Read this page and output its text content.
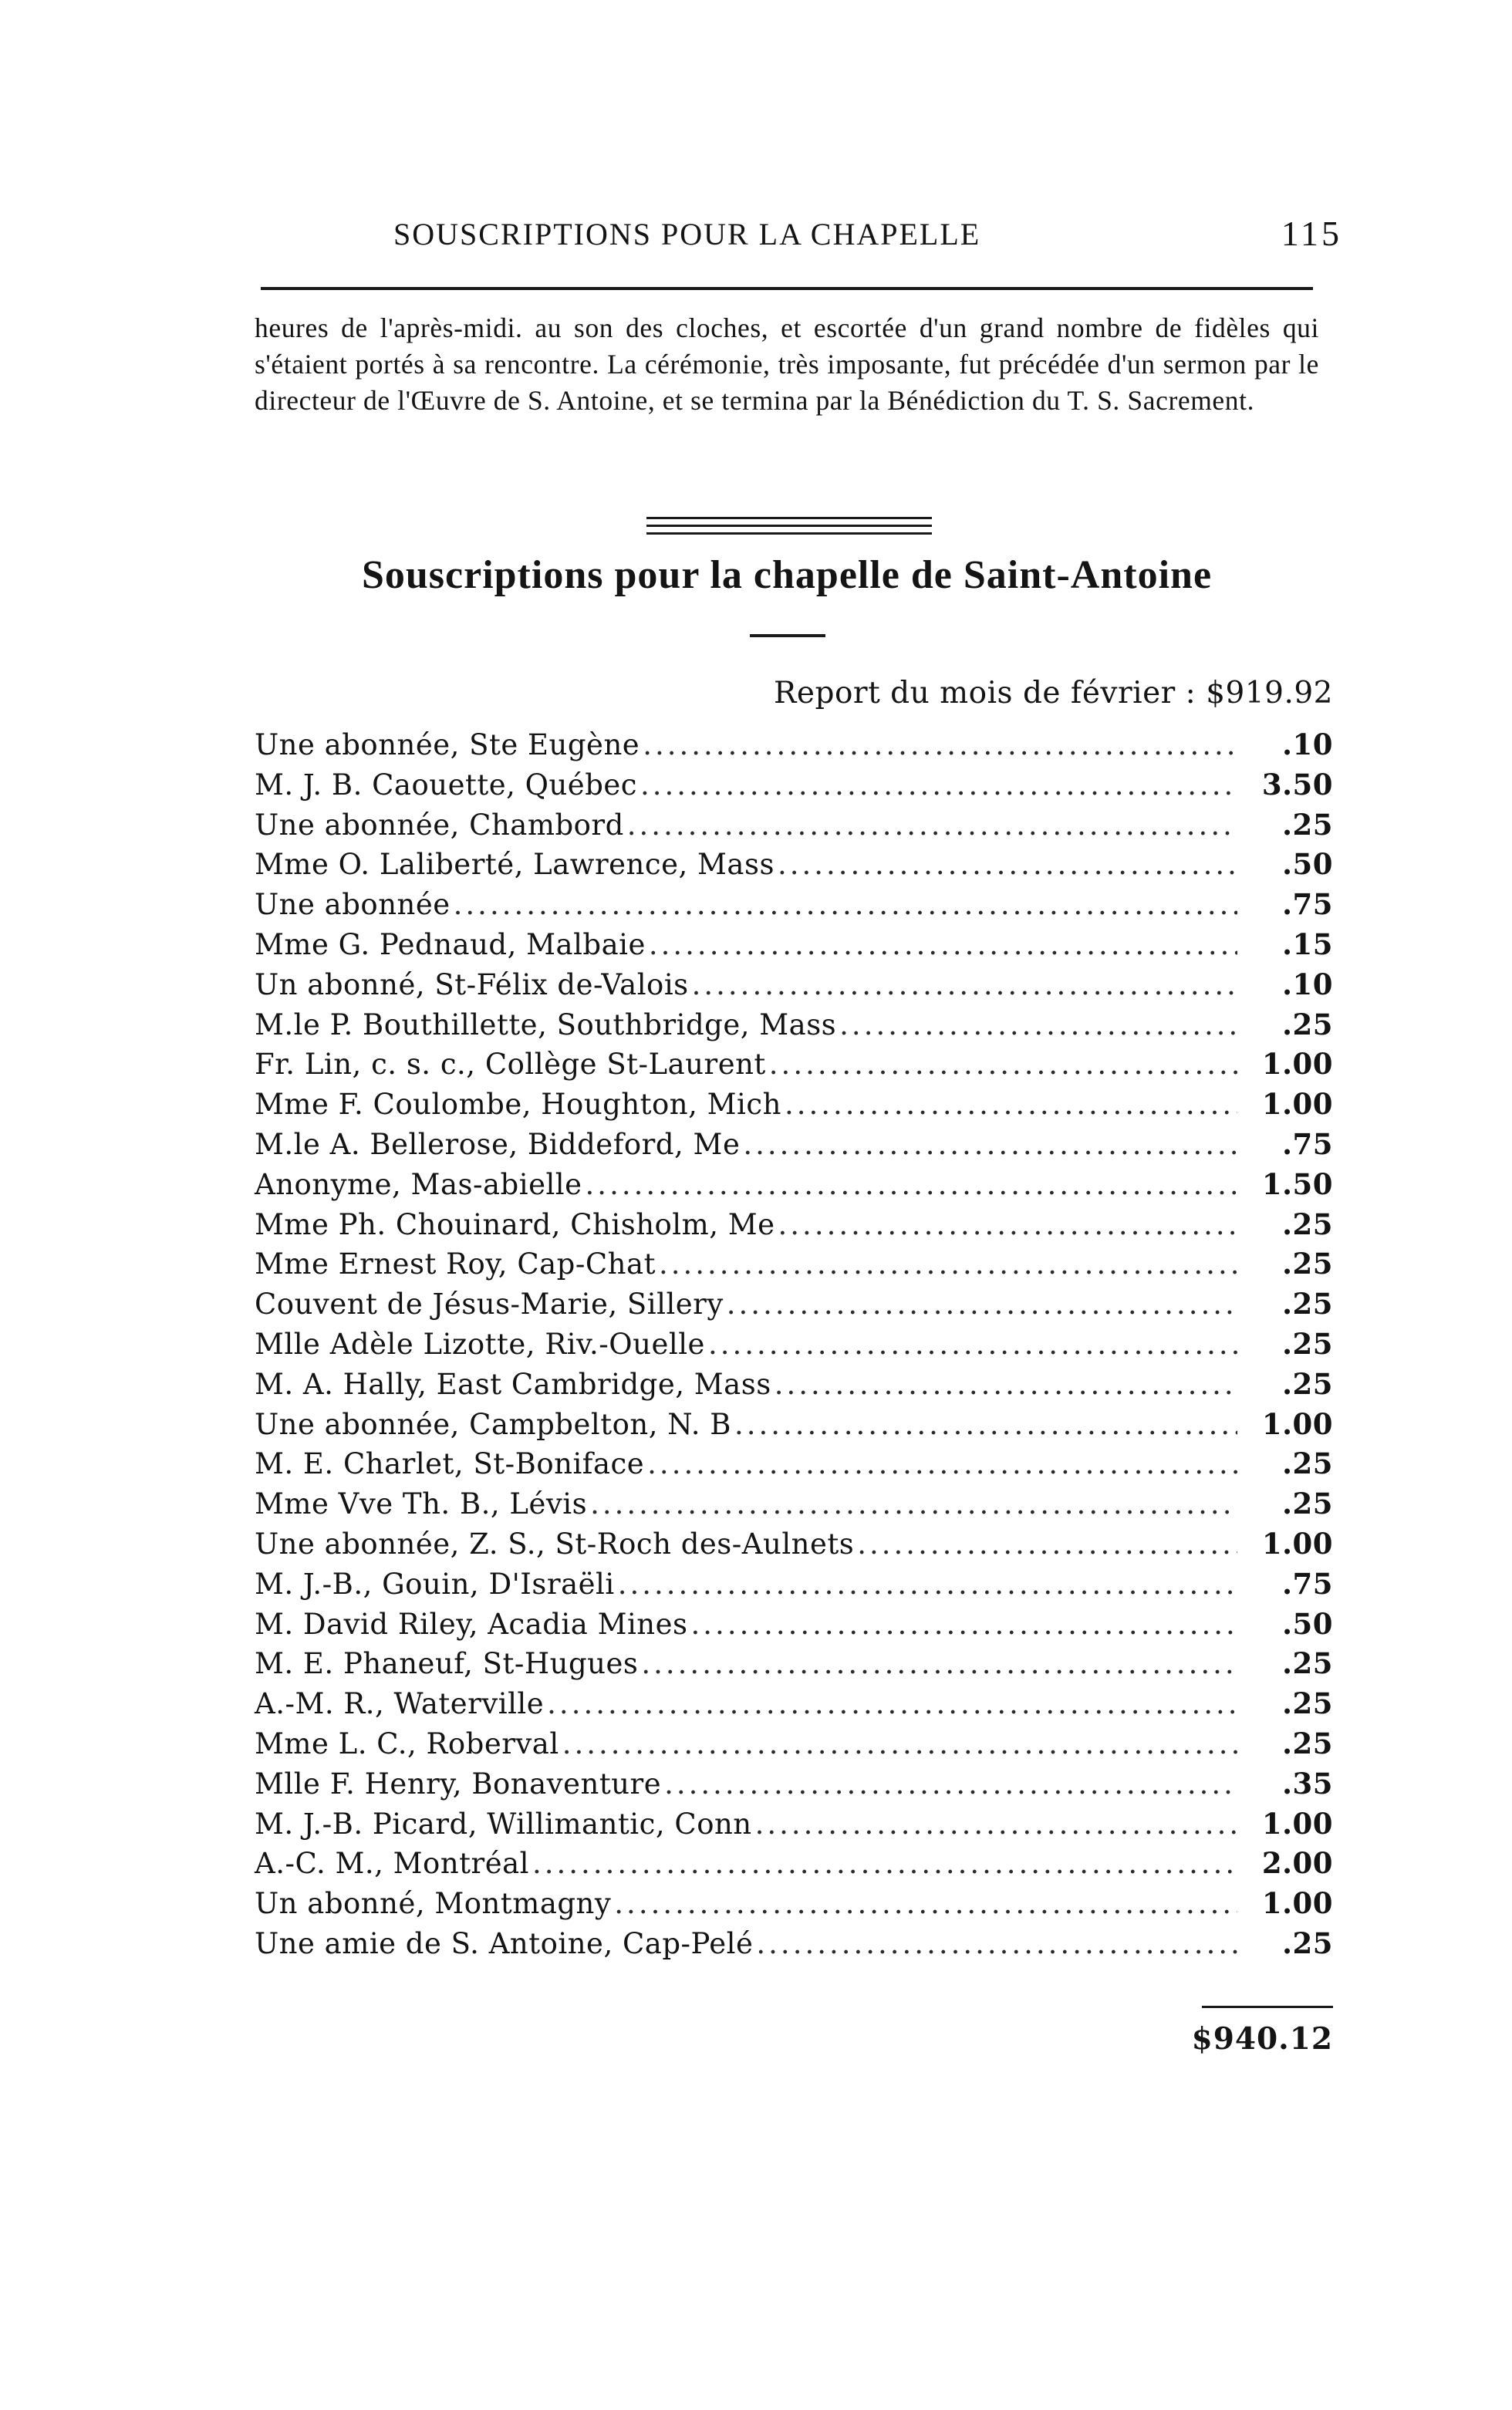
SOUSCRIPTIONS POUR LA CHAPELLE	115

heures de l'après-midi. au son des cloches, et escortée d'un grand nombre de fidèles qui s'étaient portés à sa rencontre. La cérémonie, très imposante, fut précédée d'un sermon par le directeur de l'Œuvre de S. Antoine, et se termina par la Bénédiction du T. S. Sacrement.

Souscriptions pour la chapelle de Saint-Antoine
Report du mois de février : $919.92
Une abonnée, Ste Eugène .....	.10
M. J. B. Caouette, Québec .....	3.50
Une abonnée, Chambord .....	.25
Mme O. Laliberté, Lawrence, Mass .....	.50
Une abonnée .....	.75
Mme G. Pednaud, Malbaie .....	.15
Un abonné, St-Félix de-Valois .....	.10
M.le P. Bouthillette, Southbridge, Mass .....	.25
Fr. Lin, c. s. c., Collège St-Laurent .....	1.00
Mme F. Coulombe, Houghton, Mich .....	1.00
M.le A. Bellerose, Biddeford, Me .....	.75
Anonyme, Mas-abielle .....	1.50
Mme Ph. Chouinard, Chisholm, Me .....	.25
Mme Ernest Roy, Cap-Chat .....	.25
Couvent de Jésus-Marie, Sillery .....	.25
Mlle Adèle Lizotte, Riv.-Ouelle .....	.25
M. A. Hally, East Cambridge, Mass .....	.25
Une abonnée, Campbelton, N. B .....	1.00
M. E. Charlet, St-Boniface .....	.25
Mme Vve Th. B., Lévis .....	.25
Une abonnée, Z. S., St-Roch des-Aulnets .....	1.00
M. J.-B., Gouin, D'Israëli .....	.75
M. David Riley, Acadia Mines .....	.50
M. E. Phaneuf, St-Hugues .....	.25
A.-M. R., Waterville .....	.25
Mme L. C., Roberval .....	.25
Mlle F. Henry, Bonaventure .....	.35
M. J.-B. Picard, Willimantic, Conn .....	1.00
A.-C. M., Montréal .....	2.00
Un abonné, Montmagny .....	1.00
Une amie de S. Antoine, Cap-Pelé .....	.25
$940.12
